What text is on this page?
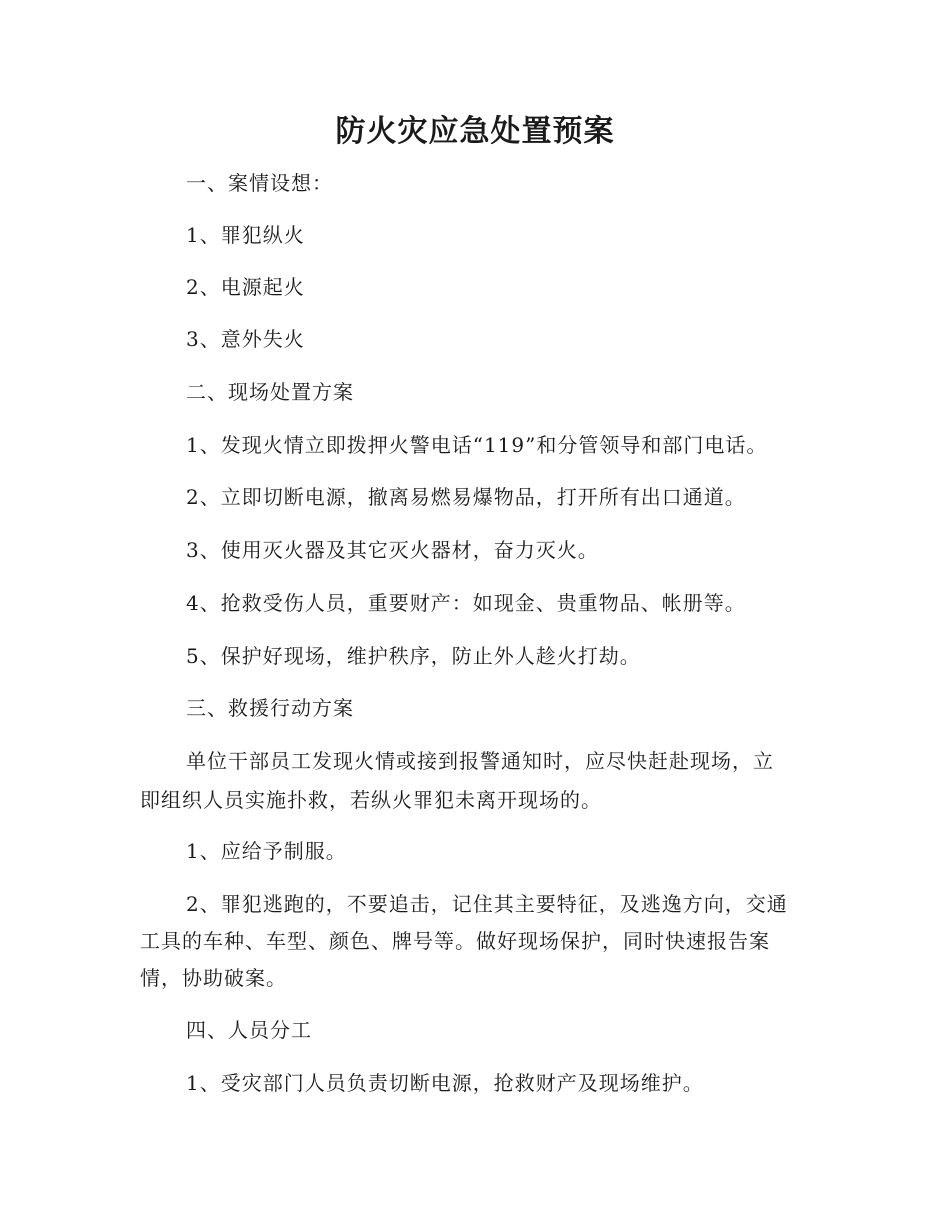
防火灾应急处置预案

一、案情设想：

1、罪犯纵火

2、电源起火

3、意外失火

二、现场处置方案

1、发现火情立即拨押火警电话“119”和分管领导和部门电话。

2、立即切断电源，撤离易燃易爆物品，打开所有出口通道。

3、使用灭火器及其它灭火器材，奋力灭火。

4、抢救受伤人员，重要财产：如现金、贵重物品、帐册等。

5、保护好现场，维护秩序，防止外人趁火打劫。

三、救援行动方案

单位干部员工发现火情或接到报警通知时，应尽快赶赴现场，立

即组织人员实施扑救，若纵火罪犯未离开现场的。

1、应给予制服。

2、罪犯逃跑的，不要追击，记住其主要特征，及逃逸方向，交通

工具的车种、车型、颜色、牌号等。做好现场保护，同时快速报告案

情，协助破案。

四、人员分工

1、受灾部门人员负责切断电源，抢救财产及现场维护。
